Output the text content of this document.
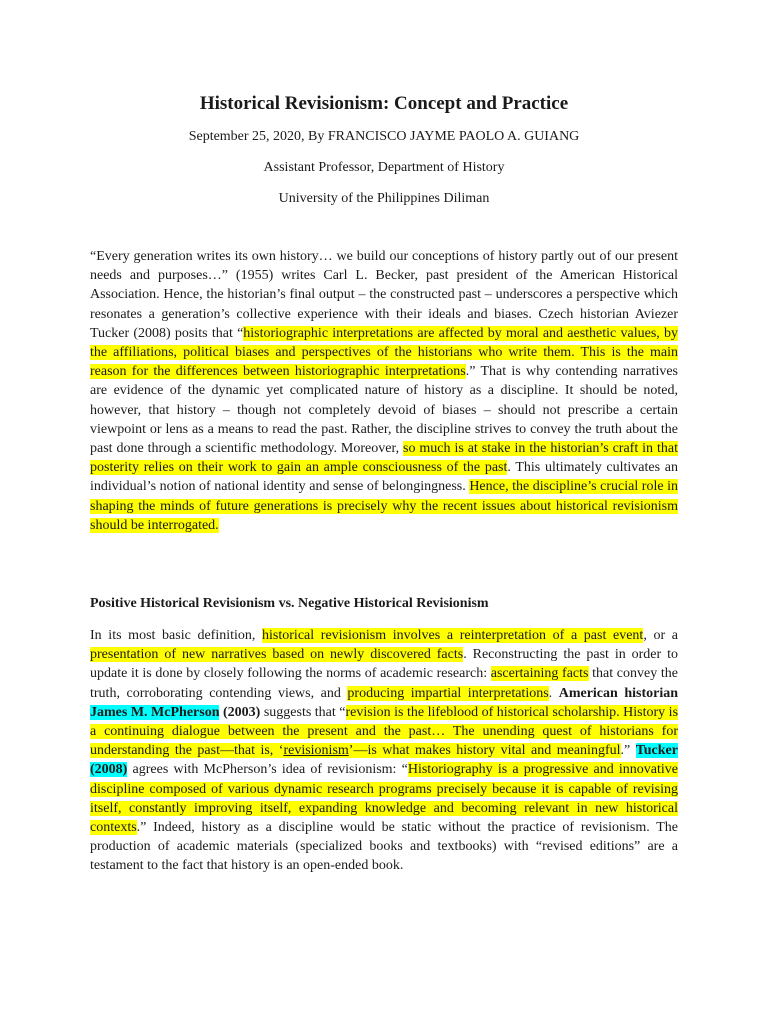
Historical Revisionism: Concept and Practice

September 25, 2020, By FRANCISCO JAYME PAOLO A. GUIANG

Assistant Professor, Department of History

University of the Philippines Diliman

“Every generation writes its own history… we build our conceptions of history partly out of our present needs and purposes…” (1955) writes Carl L. Becker, past president of the American Historical Association. Hence, the historian’s final output – the constructed past – underscores a perspective which resonates a generation’s collective experience with their ideals and biases. Czech historian Aviezer Tucker (2008) posits that “historiographic interpretations are affected by moral and aesthetic values, by the affiliations, political biases and perspectives of the historians who write them. This is the main reason for the differences between historiographic interpretations.” That is why contending narratives are evidence of the dynamic yet complicated nature of history as a discipline. It should be noted, however, that history – though not completely devoid of biases – should not prescribe a certain viewpoint or lens as a means to read the past. Rather, the discipline strives to convey the truth about the past done through a scientific methodology. Moreover, so much is at stake in the historian’s craft in that posterity relies on their work to gain an ample consciousness of the past. This ultimately cultivates an individual’s notion of national identity and sense of belongingness. Hence, the discipline’s crucial role in shaping the minds of future generations is precisely why the recent issues about historical revisionism should be interrogated.

Positive Historical Revisionism vs. Negative Historical Revisionism

In its most basic definition, historical revisionism involves a reinterpretation of a past event, or a presentation of new narratives based on newly discovered facts. Reconstructing the past in order to update it is done by closely following the norms of academic research: ascertaining facts that convey the truth, corroborating contending views, and producing impartial interpretations. American historian James M. McPherson (2003) suggests that “revision is the lifeblood of historical scholarship. History is a continuing dialogue between the present and the past… The unending quest of historians for understanding the past—that is, ‘revisionism’—is what makes history vital and meaningful.” Tucker (2008) agrees with McPherson’s idea of revisionism: “Historiography is a progressive and innovative discipline composed of various dynamic research programs precisely because it is capable of revising itself, constantly improving itself, expanding knowledge and becoming relevant in new historical contexts.” Indeed, history as a discipline would be static without the practice of revisionism. The production of academic materials (specialized books and textbooks) with “revised editions” are a testament to the fact that history is an open-ended book.
